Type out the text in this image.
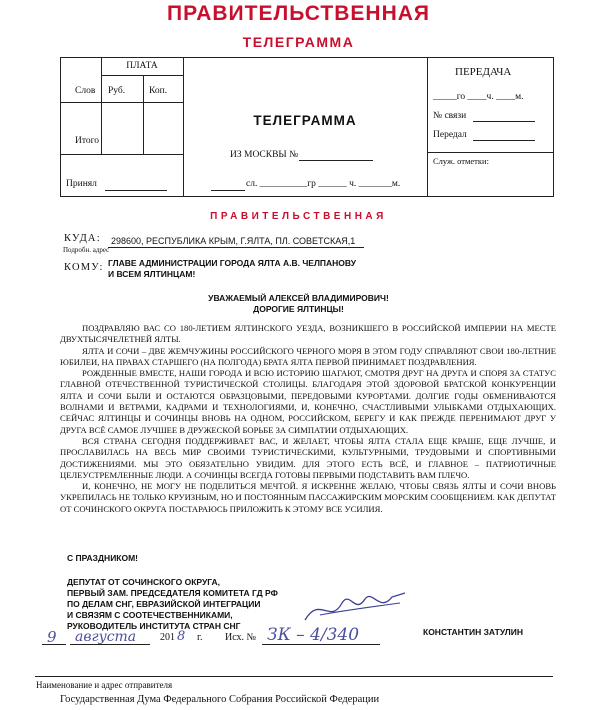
ПРАВИТЕЛЬСТВЕННАЯ
ТЕЛЕГРАММА
ПЛАТА
Слов Руб.	Коп.
Итого
Принял
ТЕЛЕГРАММА
ИЗ МОСКВЫ №
сл. __________гр ______ ч. _______м.
ПЕРЕДАЧА
_____го ____ч. ____м.
№ связи
Передал
Служ. отметки:
ПРАВИТЕЛЬСТВЕННАЯ
КУДА: 298600, РЕСПУБЛИКА КРЫМ, Г.ЯЛТА, ПЛ. СОВЕТСКАЯ,1
Подробн. адрес
КОМУ: ГЛАВЕ АДМИНИСТРАЦИИ ГОРОДА ЯЛТА А.В. ЧЕЛПАНОВУ
И ВСЕМ ЯЛТИНЦАМ!
УВАЖАЕМЫЙ АЛЕКСЕЙ ВЛАДИМИРОВИЧ!
ДОРОГИЕ ЯЛТИНЦЫ!

ПОЗДРАВЛЯЮ ВАС СО 180-ЛЕТИЕМ ЯЛТИНСКОГО УЕЗДА, ВОЗНИКШЕГО В РОССИЙСКОЙ ИМПЕРИИ НА МЕСТЕ ДВУХТЫСЯЧЕЛЕТНЕЙ ЯЛТЫ.

ЯЛТА И СОЧИ – ДВЕ ЖЕМЧУЖИНЫ РОССИЙСКОГО ЧЕРНОГО МОРЯ В ЭТОМ ГОДУ СПРАВЛЯЮТ СВОИ 180-ЛЕТНИЕ ЮБИЛЕИ, НА ПРАВАХ СТАРШЕГО (НА ПОЛГОДА) БРАТА ЯЛТА ПЕРВОЙ ПРИНИМАЕТ ПОЗДРАВЛЕНИЯ.

РОЖДЕННЫЕ ВМЕСТЕ, НАШИ ГОРОДА И ВСЮ ИСТОРИЮ ШАГАЮТ, СМОТРЯ ДРУГ НА ДРУГА И СПОРЯ ЗА СТАТУС ГЛАВНОЙ ОТЕЧЕСТВЕННОЙ ТУРИСТИЧЕСКОЙ СТОЛИЦЫ. БЛАГОДАРЯ ЭТОЙ ЗДОРОВОЙ БРАТСКОЙ КОНКУРЕНЦИИ ЯЛТА И СОЧИ БЫЛИ И ОСТАЮТСЯ ОБРАЗЦОВЫМИ, ПЕРЕДОВЫМИ КУРОРТАМИ. ДОЛГИЕ ГОДЫ ОБМЕНИВАЮТСЯ ВОЛНАМИ И ВЕТРАМИ, КАДРАМИ И ТЕХНОЛОГИЯМИ, И, КОНЕЧНО, СЧАСТЛИВЫМИ УЛЫБКАМИ ОТДЫХАЮЩИХ. СЕЙЧАС ЯЛТИНЦЫ И СОЧИНЦЫ ВНОВЬ НА ОДНОМ, РОССИЙСКОМ, БЕРЕГУ И КАК ПРЕЖДЕ ПЕРЕНИМАЮТ ДРУГ У ДРУГА ВСЁ САМОЕ ЛУЧШЕЕ В ДРУЖЕСКОЙ БОРЬБЕ ЗА СИМПАТИИ ОТДЫХАЮЩИХ.

ВСЯ СТРАНА СЕГОДНЯ ПОДДЕРЖИВАЕТ ВАС, И ЖЕЛАЕТ, ЧТОБЫ ЯЛТА СТАЛА ЕЩЕ КРАШЕ, ЕЩЕ ЛУЧШЕ, И ПРОСЛАВИЛАСЬ НА ВЕСЬ МИР СВОИМИ ТУРИСТИЧЕСКИМИ, КУЛЬТУРНЫМИ, ТРУДОВЫМИ И СПОРТИВНЫМИ ДОСТИЖЕНИЯМИ. МЫ ЭТО ОБЯЗАТЕЛЬНО УВИДИМ. ДЛЯ ЭТОГО ЕСТЬ ВСЁ, И ГЛАВНОЕ – ПАТРИОТИЧНЫЕ ЦЕЛЕУСТРЕМЛЕННЫЕ ЛЮДИ. А СОЧИНЦЫ ВСЕГДА ГОТОВЫ ПЕРВЫМИ ПОДСТАВИТЬ ВАМ ПЛЕЧО.

И, КОНЕЧНО, НЕ МОГУ НЕ ПОДЕЛИТЬСЯ МЕЧТОЙ. Я ИСКРЕННЕ ЖЕЛАЮ, ЧТОБЫ СВЯЗЬ ЯЛТЫ И СОЧИ ВНОВЬ УКРЕПИЛАСЬ НЕ ТОЛЬКО КРУИЗНЫМ, НО И ПОСТОЯННЫМ ПАССАЖИРСКИМ МОРСКИМ СООБЩЕНИЕМ. КАК ДЕПУТАТ ОТ СОЧИНСКОГО ОКРУГА ПОСТАРАЮСЬ ПРИЛОЖИТЬ К ЭТОМУ ВСЕ УСИЛИЯ.

С ПРАЗДНИКОМ!
ДЕПУТАТ ОТ СОЧИНСКОГО ОКРУГА,
ПЕРВЫЙ ЗАМ. ПРЕДСЕДАТЕЛЯ КОМИТЕТА ГД РФ
ПО ДЕЛАМ СНГ, ЕВРАЗИЙСКОЙ ИНТЕГРАЦИИ
И СВЯЗЯМ С СООТЕЧЕСТВЕННИКАМИ,
РУКОВОДИТЕЛЬ ИНСТИТУТА СТРАН СНГ
КОНСТАНТИН ЗАТУЛИН
9 августа 201 8 г. Исх. № ЗК – 4/340
Наименование и адрес отправителя
Государственная Дума Федерального Собрания Российской Федерации
